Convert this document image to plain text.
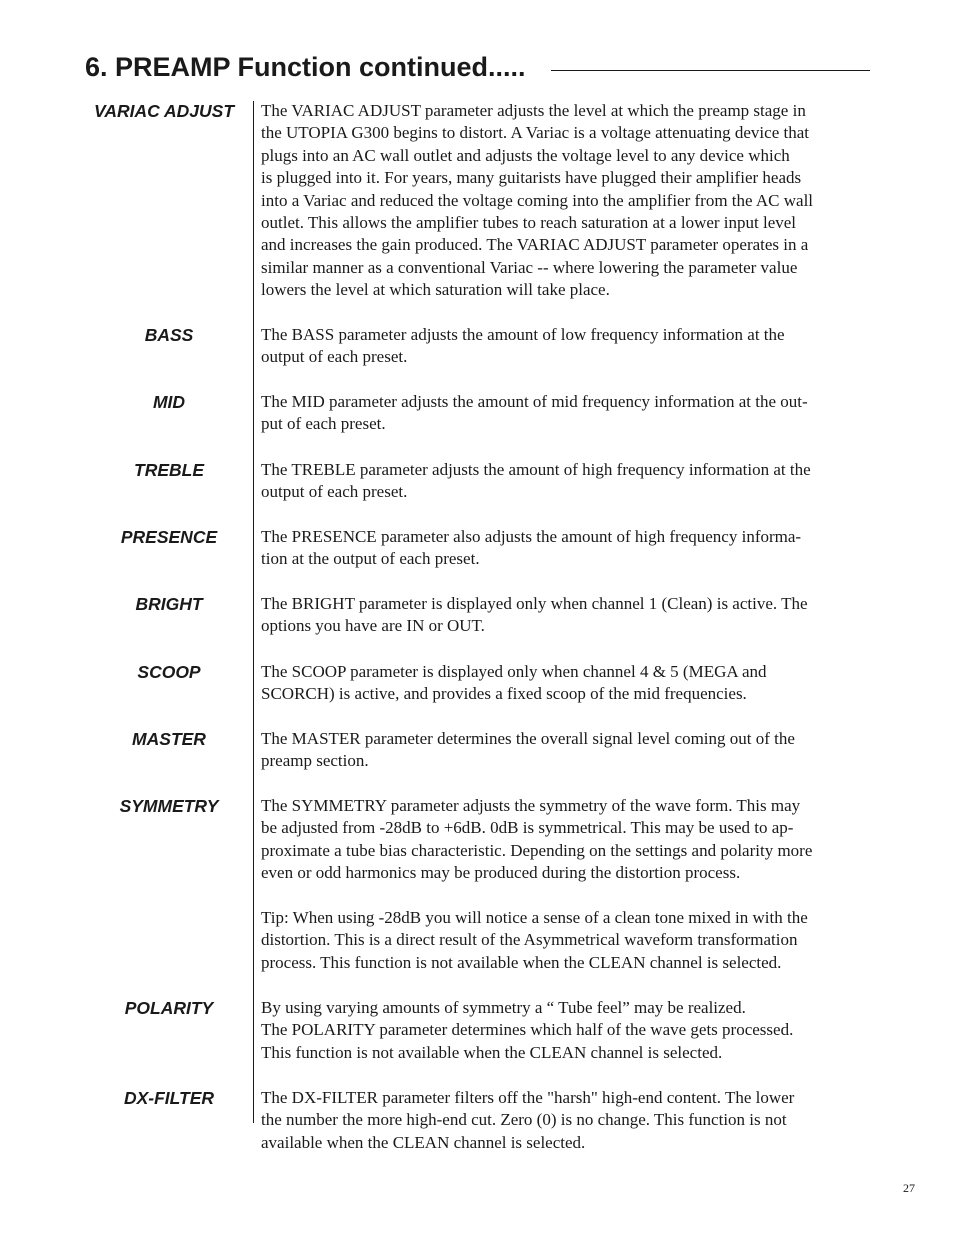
6. PREAMP Function continued.....
VARIAC ADJUST
BASS
MID
TREBLE
PRESENCE
BRIGHT
SCOOP
MASTER
SYMMETRY
POLARITY
DX-FILTER

The VARIAC ADJUST parameter adjusts the level at which the preamp stage in
the UTOPIA G300 begins to distort. A Variac is a voltage attenuating device that
plugs into an AC wall outlet and adjusts the voltage level to any device which
is plugged into it. For years, many guitarists have plugged their amplifier heads
into a Variac and reduced the voltage coming into the amplifier from the AC wall
outlet. This allows the amplifier tubes to reach saturation at a lower input level
and increases the gain produced. The VARIAC ADJUST parameter operates in a
similar manner as a conventional Variac -- where lowering the parameter value
lowers the level at which saturation will take place.

The BASS parameter adjusts the amount of low frequency information at the
output of each preset.

The MID parameter adjusts the amount of mid frequency information at the out-
put of each preset.

The TREBLE parameter adjusts the amount of high frequency information at the
output of each preset.

The PRESENCE parameter also adjusts the amount of high frequency informa-
tion at the output of each preset.

The BRIGHT parameter is displayed only when channel 1 (Clean) is active. The
options you have are IN or OUT.

The SCOOP parameter is displayed only when channel 4 & 5 (MEGA and
SCORCH) is active, and provides a fixed scoop of the mid frequencies.

The MASTER parameter determines the overall signal level coming out of the
preamp section.

The SYMMETRY parameter adjusts the symmetry of the wave form. This may
be adjusted from -28dB to +6dB. 0dB is symmetrical. This may be used to ap-
proximate a tube bias characteristic. Depending on the settings and polarity more
even or odd harmonics may be produced during the distortion process.

Tip: When using -28dB you will notice a sense of a clean tone mixed in with the
distortion. This is a direct result of the Asymmetrical waveform transformation
process. This function is not available when the CLEAN channel is selected.

By using varying amounts of symmetry a “ Tube feel” may be realized.
The POLARITY parameter determines which half of the wave gets processed.
This function is not available when the CLEAN channel is selected.

The DX-FILTER parameter filters off the "harsh" high-end content. The lower
the number the more high-end cut. Zero (0) is no change. This function is not
available when the CLEAN channel is selected.

27
